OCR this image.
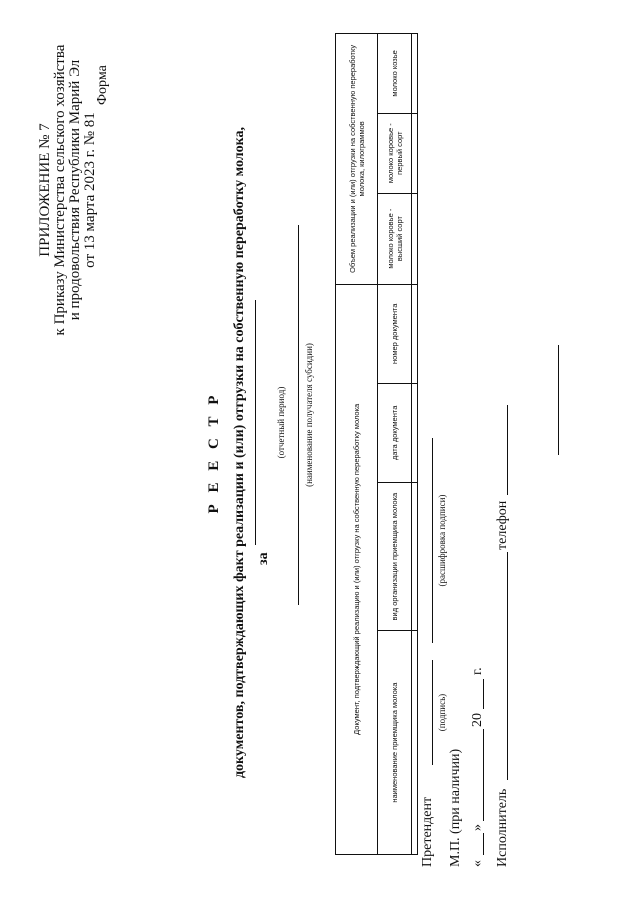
ПРИЛОЖЕНИЕ № 7 к Приказу Министерства сельского хозяйства и продовольствия Республики Марий Эл от 13 марта 2023 г. № 81
Форма
Р Е Е С Т Р документов, подтверждающих факт реализации и (или) отгрузки на собственную переработку молока, за
(отчетный период) (наименование получателя субсидии)	Документ, подтверждающий реализацию и (или) отгрузку на собственную переработку молока				Объем реализации и (или) отгрузки на собственную переработку молока, килограммов		
наименование приемщика молока	вид организации приемщика молока	дата документа	номер документа	молоко коровье - высший сорт	молоко коровье - первый сорт	молоко козье

Претендент
(подпись)
(расшифровка подписи)
М.П. (при наличии) «
»
20
г.
Исполнитель
телефон
